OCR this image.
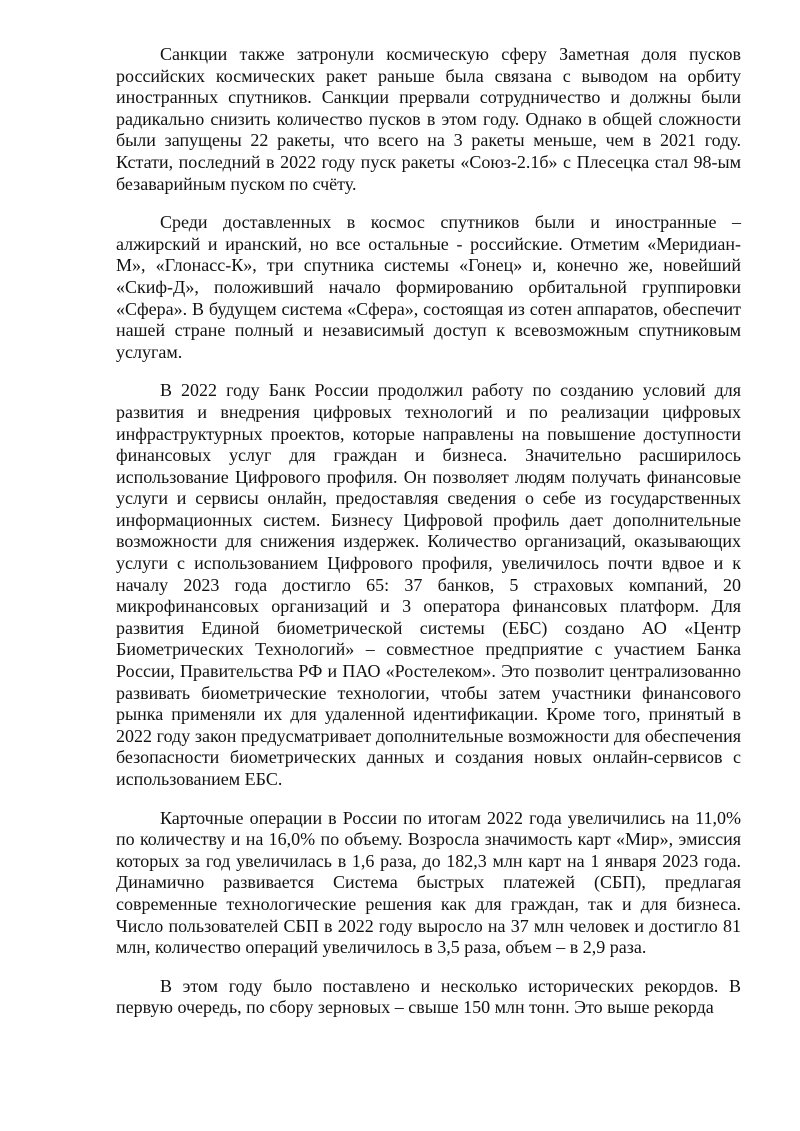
Санкции также затронули космическую сферу Заметная доля пусков российских космических ракет раньше была связана с выводом на орбиту иностранных спутников. Санкции прервали сотрудничество и должны были радикально снизить количество пусков в этом году. Однако в общей сложности были запущены 22 ракеты, что всего на 3 ракеты меньше, чем в 2021 году. Кстати, последний в 2022 году пуск ракеты «Союз-2.1б» с Плесецка стал 98-ым безаварийным пуском по счёту.

Среди доставленных в космос спутников были и иностранные – алжирский и иранский, но все остальные - российские. Отметим «Меридиан-М», «Глонасс-К», три спутника системы «Гонец» и, конечно же, новейший «Скиф-Д», положивший начало формированию орбитальной группировки «Сфера». В будущем система «Сфера», состоящая из сотен аппаратов, обеспечит нашей стране полный и независимый доступ к всевозможным спутниковым услугам.

В 2022 году Банк России продолжил работу по созданию условий для развития и внедрения цифровых технологий и по реализации цифровых инфраструктурных проектов, которые направлены на повышение доступности финансовых услуг для граждан и бизнеса. Значительно расширилось использование Цифрового профиля. Он позволяет людям получать финансовые услуги и сервисы онлайн, предоставляя сведения о себе из государственных информационных систем. Бизнесу Цифровой профиль дает дополнительные возможности для снижения издержек. Количество организаций, оказывающих услуги с использованием Цифрового профиля, увеличилось почти вдвое и к началу 2023 года достигло 65: 37 банков, 5 страховых компаний, 20 микрофинансовых организаций и 3 оператора финансовых платформ. Для развития Единой биометрической системы (ЕБС) создано АО «Центр Биометрических Технологий» – совместное предприятие с участием Банка России, Правительства РФ и ПАО «Ростелеком». Это позволит централизованно развивать биометрические технологии, чтобы затем участники финансового рынка применяли их для удаленной идентификации. Кроме того, принятый в 2022 году закон предусматривает дополнительные возможности для обеспечения безопасности биометрических данных и создания новых онлайн-сервисов с использованием ЕБС.

Карточные операции в России по итогам 2022 года увеличились на 11,0% по количеству и на 16,0% по объему. Возросла значимость карт «Мир», эмиссия которых за год увеличилась в 1,6 раза, до 182,3 млн карт на 1 января 2023 года. Динамично развивается Система быстрых платежей (СБП), предлагая современные технологические решения как для граждан, так и для бизнеса. Число пользователей СБП в 2022 году выросло на 37 млн человек и достигло 81 млн, количество операций увеличилось в 3,5 раза, объем – в 2,9 раза.

В этом году было поставлено и несколько исторических рекордов. В первую очередь, по сбору зерновых – свыше 150 млн тонн. Это выше рекорда
